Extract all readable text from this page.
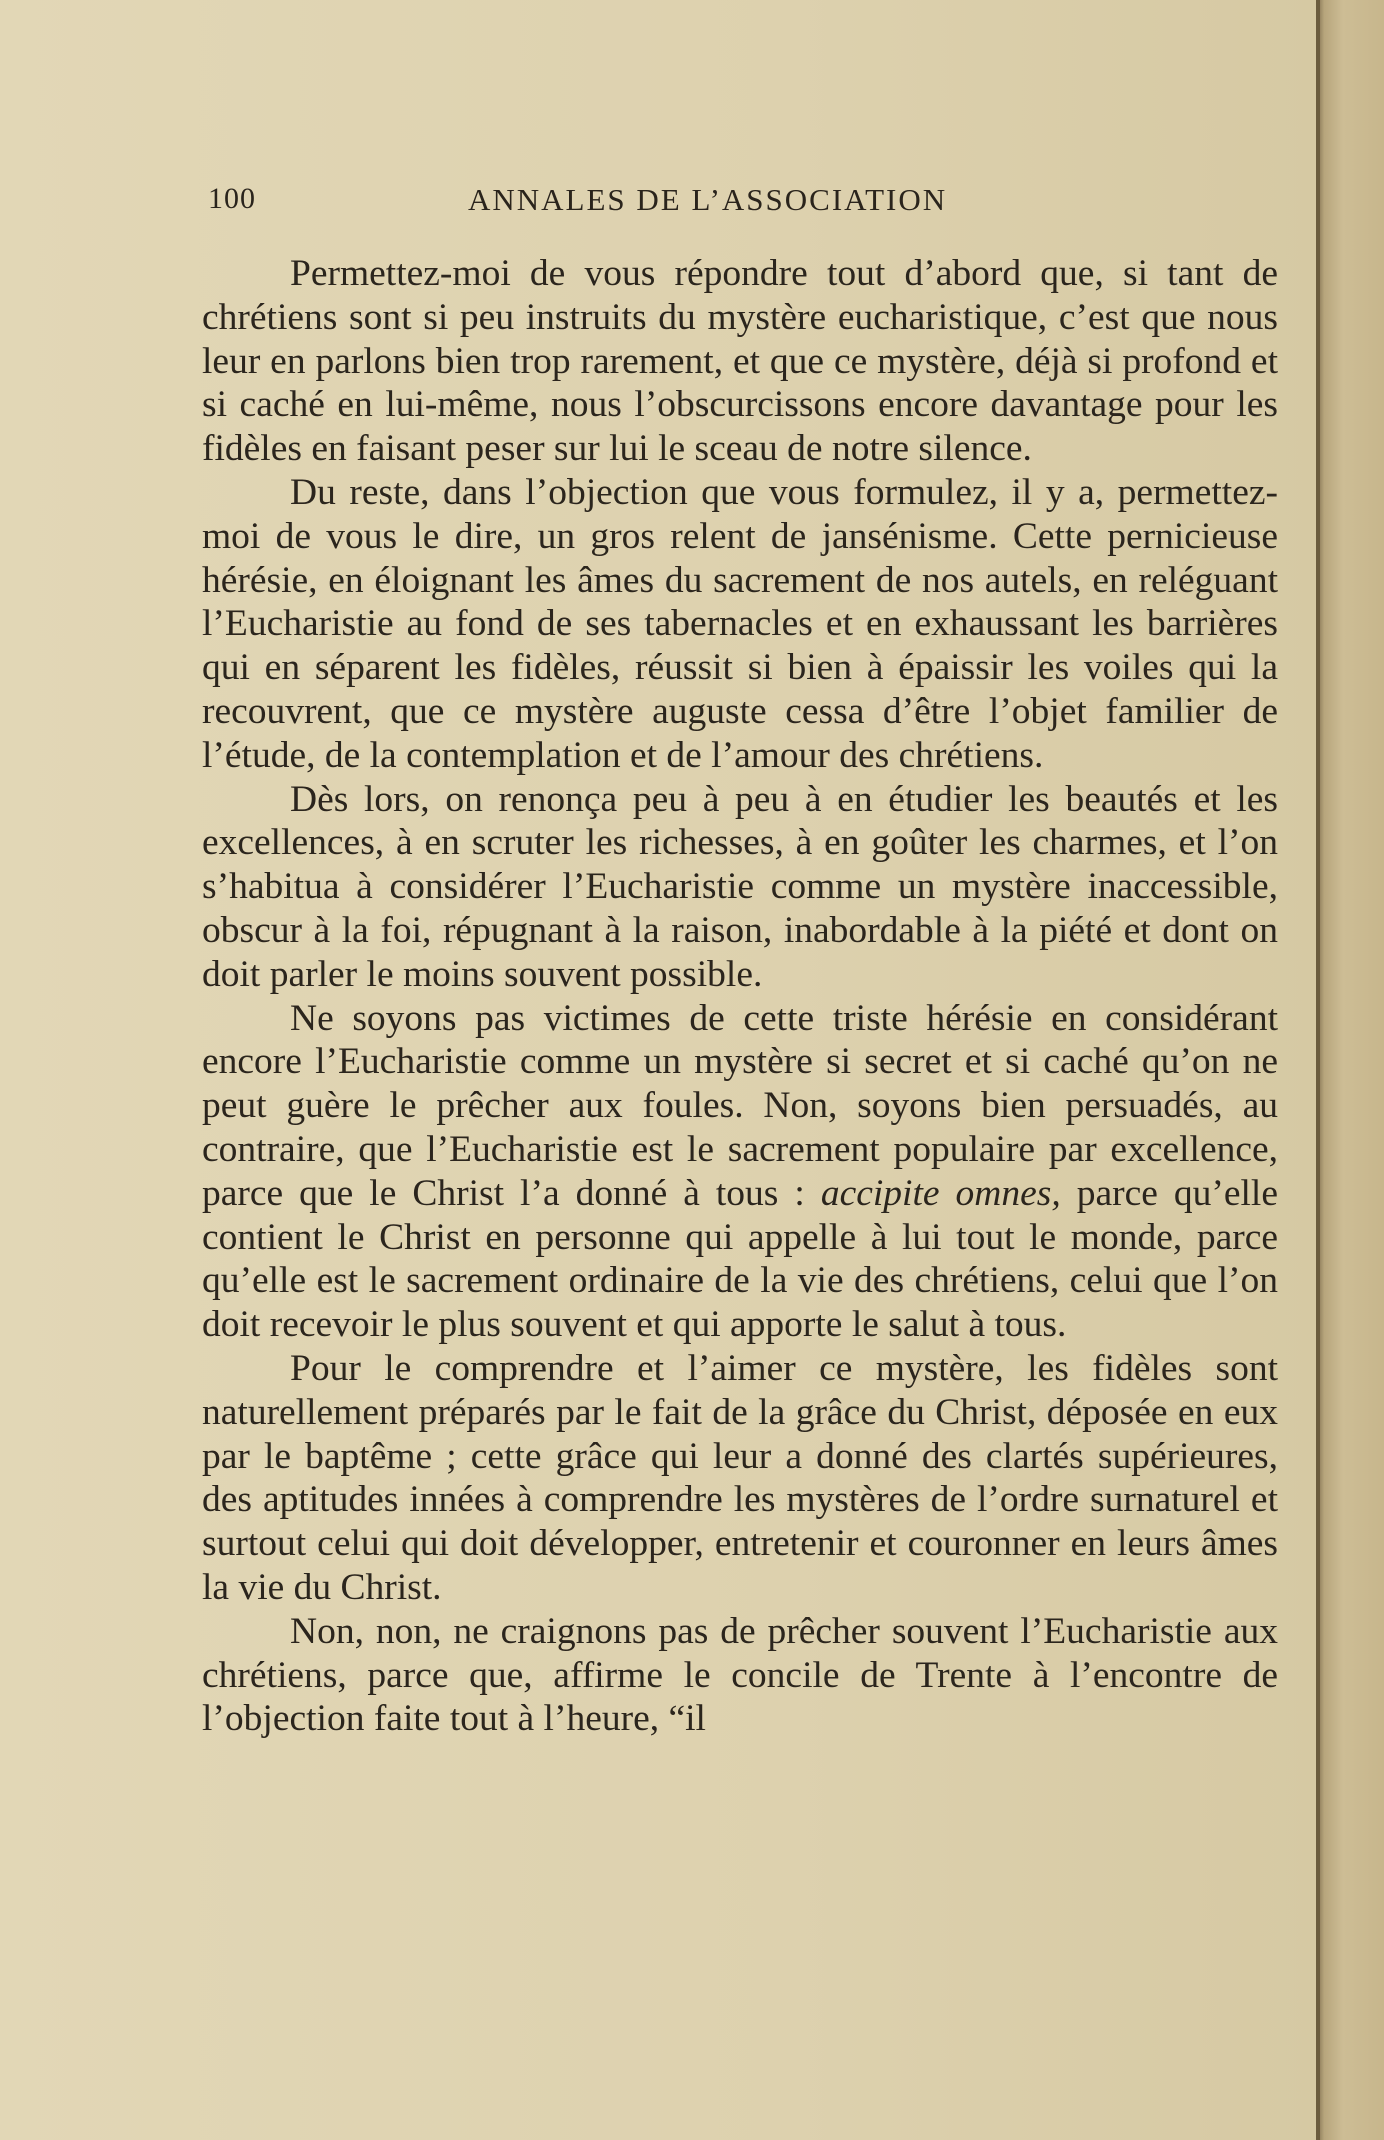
100	ANNALES DE L’ASSOCIATION

Permettez-moi de vous répondre tout d’abord que, si tant de chrétiens sont si peu instruits du mystère eucharistique, c’est que nous leur en parlons bien trop rarement, et que ce mystère, déjà si profond et si caché en lui-même, nous l’obscurcissons encore davantage pour les fidèles en faisant peser sur lui le sceau de notre silence.

Du reste, dans l’objection que vous formulez, il y a, permettez-moi de vous le dire, un gros relent de jansénisme. Cette pernicieuse hérésie, en éloignant les âmes du sacrement de nos autels, en reléguant l’Eucharistie au fond de ses tabernacles et en exhaussant les barrières qui en séparent les fidèles, réussit si bien à épaissir les voiles qui la recouvrent, que ce mystère auguste cessa d’être l’objet familier de l’étude, de la contemplation et de l’amour des chrétiens.

Dès lors, on renonça peu à peu à en étudier les beautés et les excellences, à en scruter les richesses, à en goûter les charmes, et l’on s’habitua à considérer l’Eucharistie comme un mystère inaccessible, obscur à la foi, répugnant à la raison, inabordable à la piété et dont on doit parler le moins souvent possible.

Ne soyons pas victimes de cette triste hérésie en considérant encore l’Eucharistie comme un mystère si secret et si caché qu’on ne peut guère le prêcher aux foules. Non, soyons bien persuadés, au contraire, que l’Eucharistie est le sacrement populaire par excellence, parce que le Christ l’a donné à tous : accipite omnes, parce qu’elle contient le Christ en personne qui appelle à lui tout le monde, parce qu’elle est le sacrement ordinaire de la vie des chrétiens, celui que l’on doit recevoir le plus souvent et qui apporte le salut à tous.

Pour le comprendre et l’aimer ce mystère, les fidèles sont naturellement préparés par le fait de la grâce du Christ, déposée en eux par le baptême ; cette grâce qui leur a donné des clartés supérieures, des aptitudes innées à comprendre les mystères de l’ordre surnaturel et surtout celui qui doit développer, entretenir et couronner en leurs âmes la vie du Christ.

Non, non, ne craignons pas de prêcher souvent l’Eucharistie aux chrétiens, parce que, affirme le concile de Trente à l’encontre de l’objection faite tout à l’heure, “il
